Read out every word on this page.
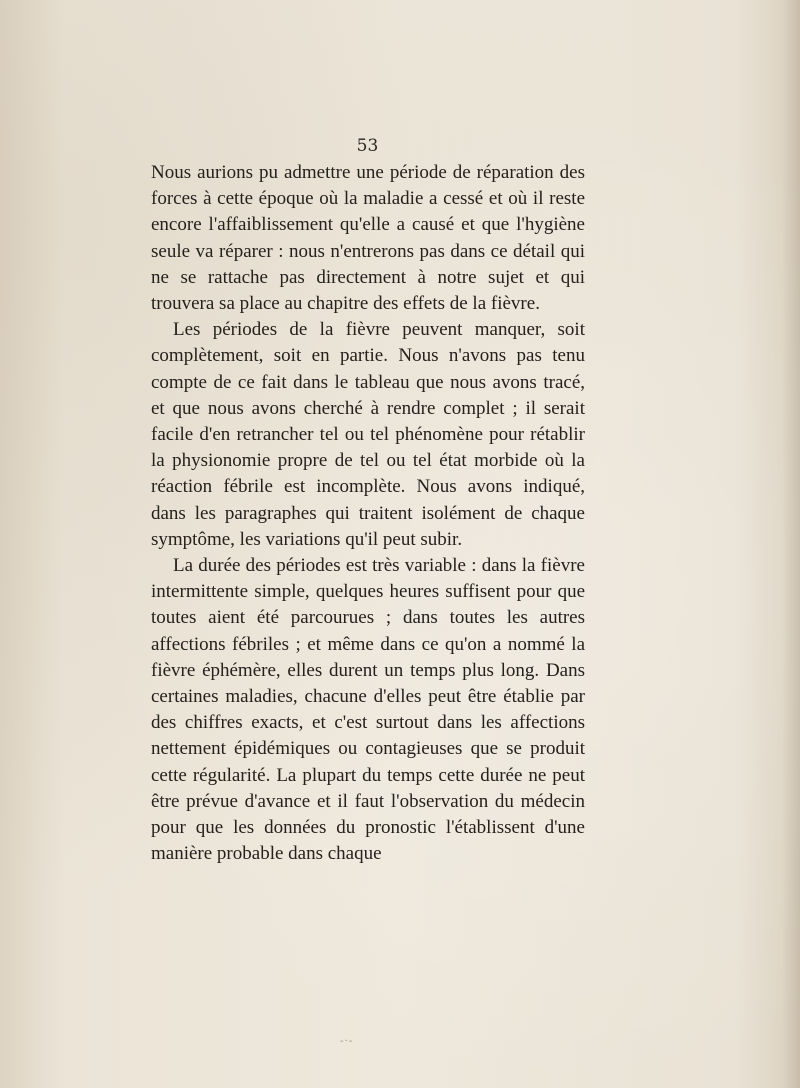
53

Nous aurions pu admettre une période de réparation des forces à cette époque où la maladie a cessé et où il reste encore l'affaiblissement qu'elle a causé et que l'hygiène seule va réparer : nous n'entrerons pas dans ce détail qui ne se rattache pas directement à notre sujet et qui trouvera sa place au chapitre des effets de la fièvre.

Les périodes de la fièvre peuvent manquer, soit complètement, soit en partie. Nous n'avons pas tenu compte de ce fait dans le tableau que nous avons tracé, et que nous avons cherché à rendre complet ; il serait facile d'en retrancher tel ou tel phénomène pour rétablir la physionomie propre de tel ou tel état morbide où la réaction fébrile est incomplète. Nous avons indiqué, dans les paragraphes qui traitent isolément de chaque symptôme, les variations qu'il peut subir.

La durée des périodes est très variable : dans la fièvre intermittente simple, quelques heures suffisent pour que toutes aient été parcourues ; dans toutes les autres affections fébriles ; et même dans ce qu'on a nommé la fièvre éphémère, elles durent un temps plus long. Dans certaines maladies, chacune d'elles peut être établie par des chiffres exacts, et c'est surtout dans les affections nettement épidémiques ou contagieuses que se produit cette régularité. La plupart du temps cette durée ne peut être prévue d'avance et il faut l'observation du médecin pour que les données du pronostic l'établissent d'une manière probable dans chaque

-·-
